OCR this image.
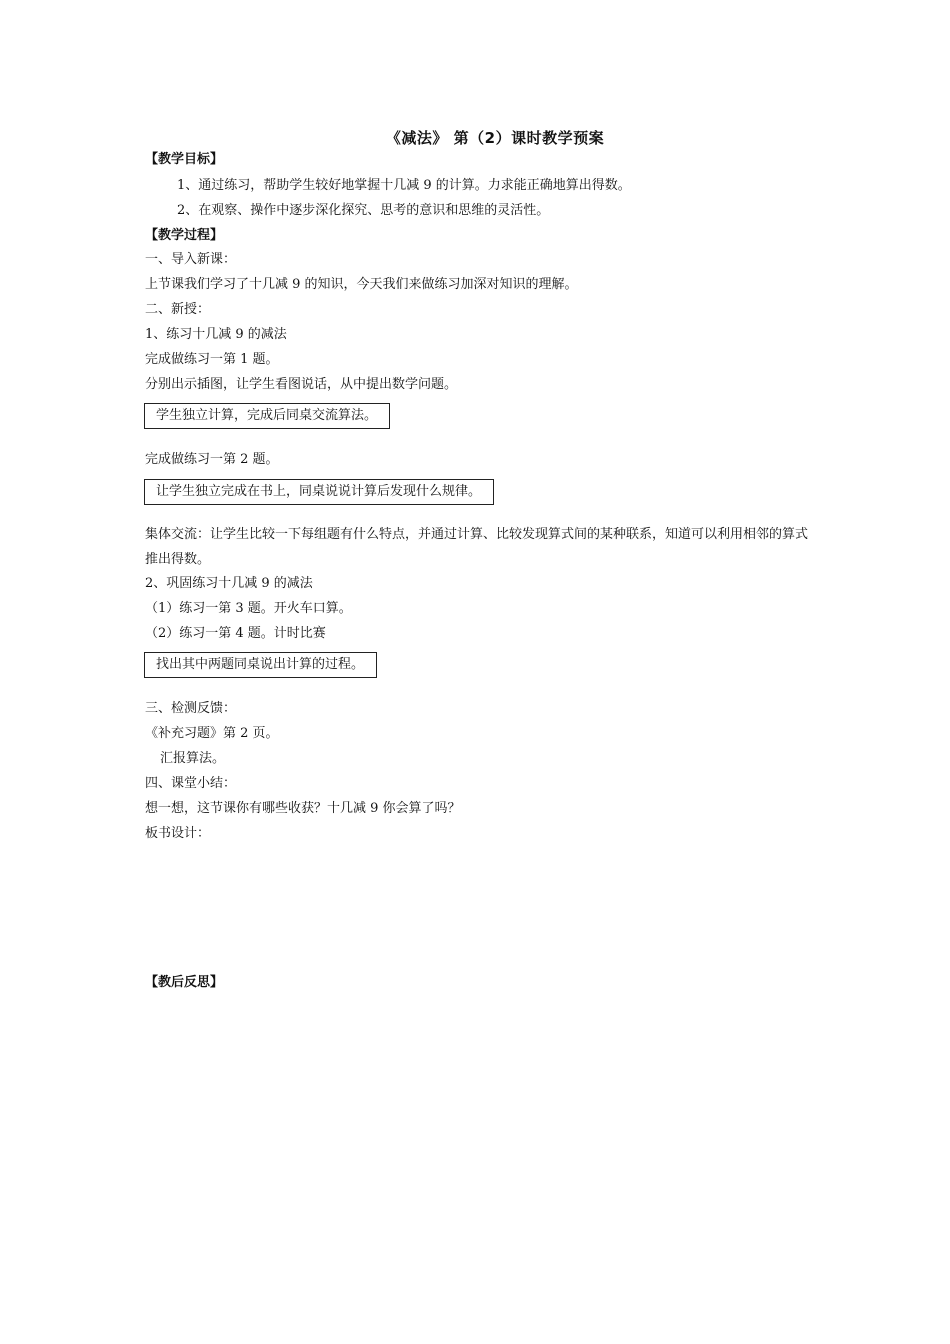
《减法》 第（2）课时教学预案
【教学目标】
1、通过练习，帮助学生较好地掌握十几减 9 的计算。力求能正确地算出得数。
2、在观察、操作中逐步深化探究、思考的意识和思维的灵活性。
【教学过程】
一、导入新课：
上节课我们学习了十几减 9 的知识，今天我们来做练习加深对知识的理解。
二、新授：
1、练习十几减 9 的减法
完成做练习一第 1 题。
分别出示插图，让学生看图说话，从中提出数学问题。
学生独立计算，完成后同桌交流算法。
完成做练习一第 2 题。
让学生独立完成在书上，同桌说说计算后发现什么规律。
集体交流：让学生比较一下每组题有什么特点，并通过计算、比较发现算式间的某种联系，知道可以利用相邻的算式推出得数。
2、巩固练习十几减 9 的减法
（1）练习一第 3 题。开火车口算。
（2）练习一第 4 题。计时比赛
找出其中两题同桌说出计算的过程。
三、检测反馈：
《补充习题》第 2 页。
汇报算法。
四、课堂小结：
想一想，这节课你有哪些收获？十几减 9 你会算了吗？
板书设计：
【教后反思】
